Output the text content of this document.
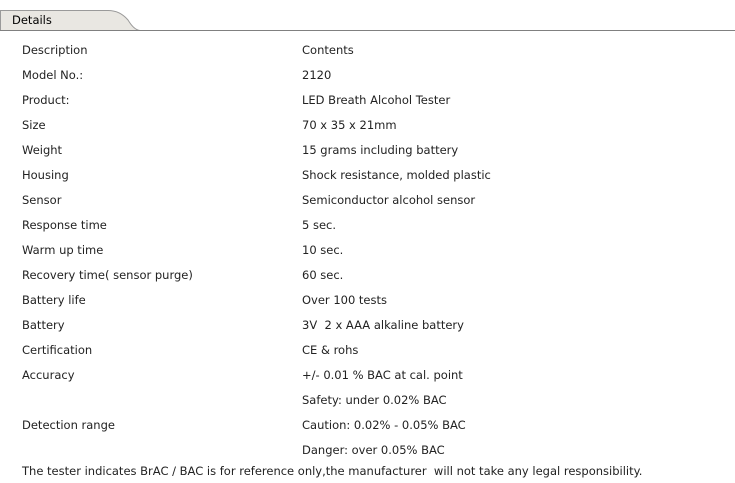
Details
Description	Contents
Model No.:	2120
Product:	LED Breath Alcohol Tester
Size	70 x 35 x 21mm
Weight	15 grams including battery
Housing	Shock resistance, molded plastic
Sensor	Semiconductor alcohol sensor
Response time	5 sec.
Warm up time	10 sec.
Recovery time( sensor purge)	60 sec.
Battery life	Over 100 tests
Battery	3V  2 x AAA alkaline battery
Certification	CE & rohs
Accuracy	+/- 0.01 % BAC at cal. point
	Safety: under 0.02% BAC
Detection range	Caution: 0.02% - 0.05% BAC
	Danger: over 0.05% BAC
The tester indicates BrAC / BAC is for reference only,the manufacturer  will not take any legal responsibility.
